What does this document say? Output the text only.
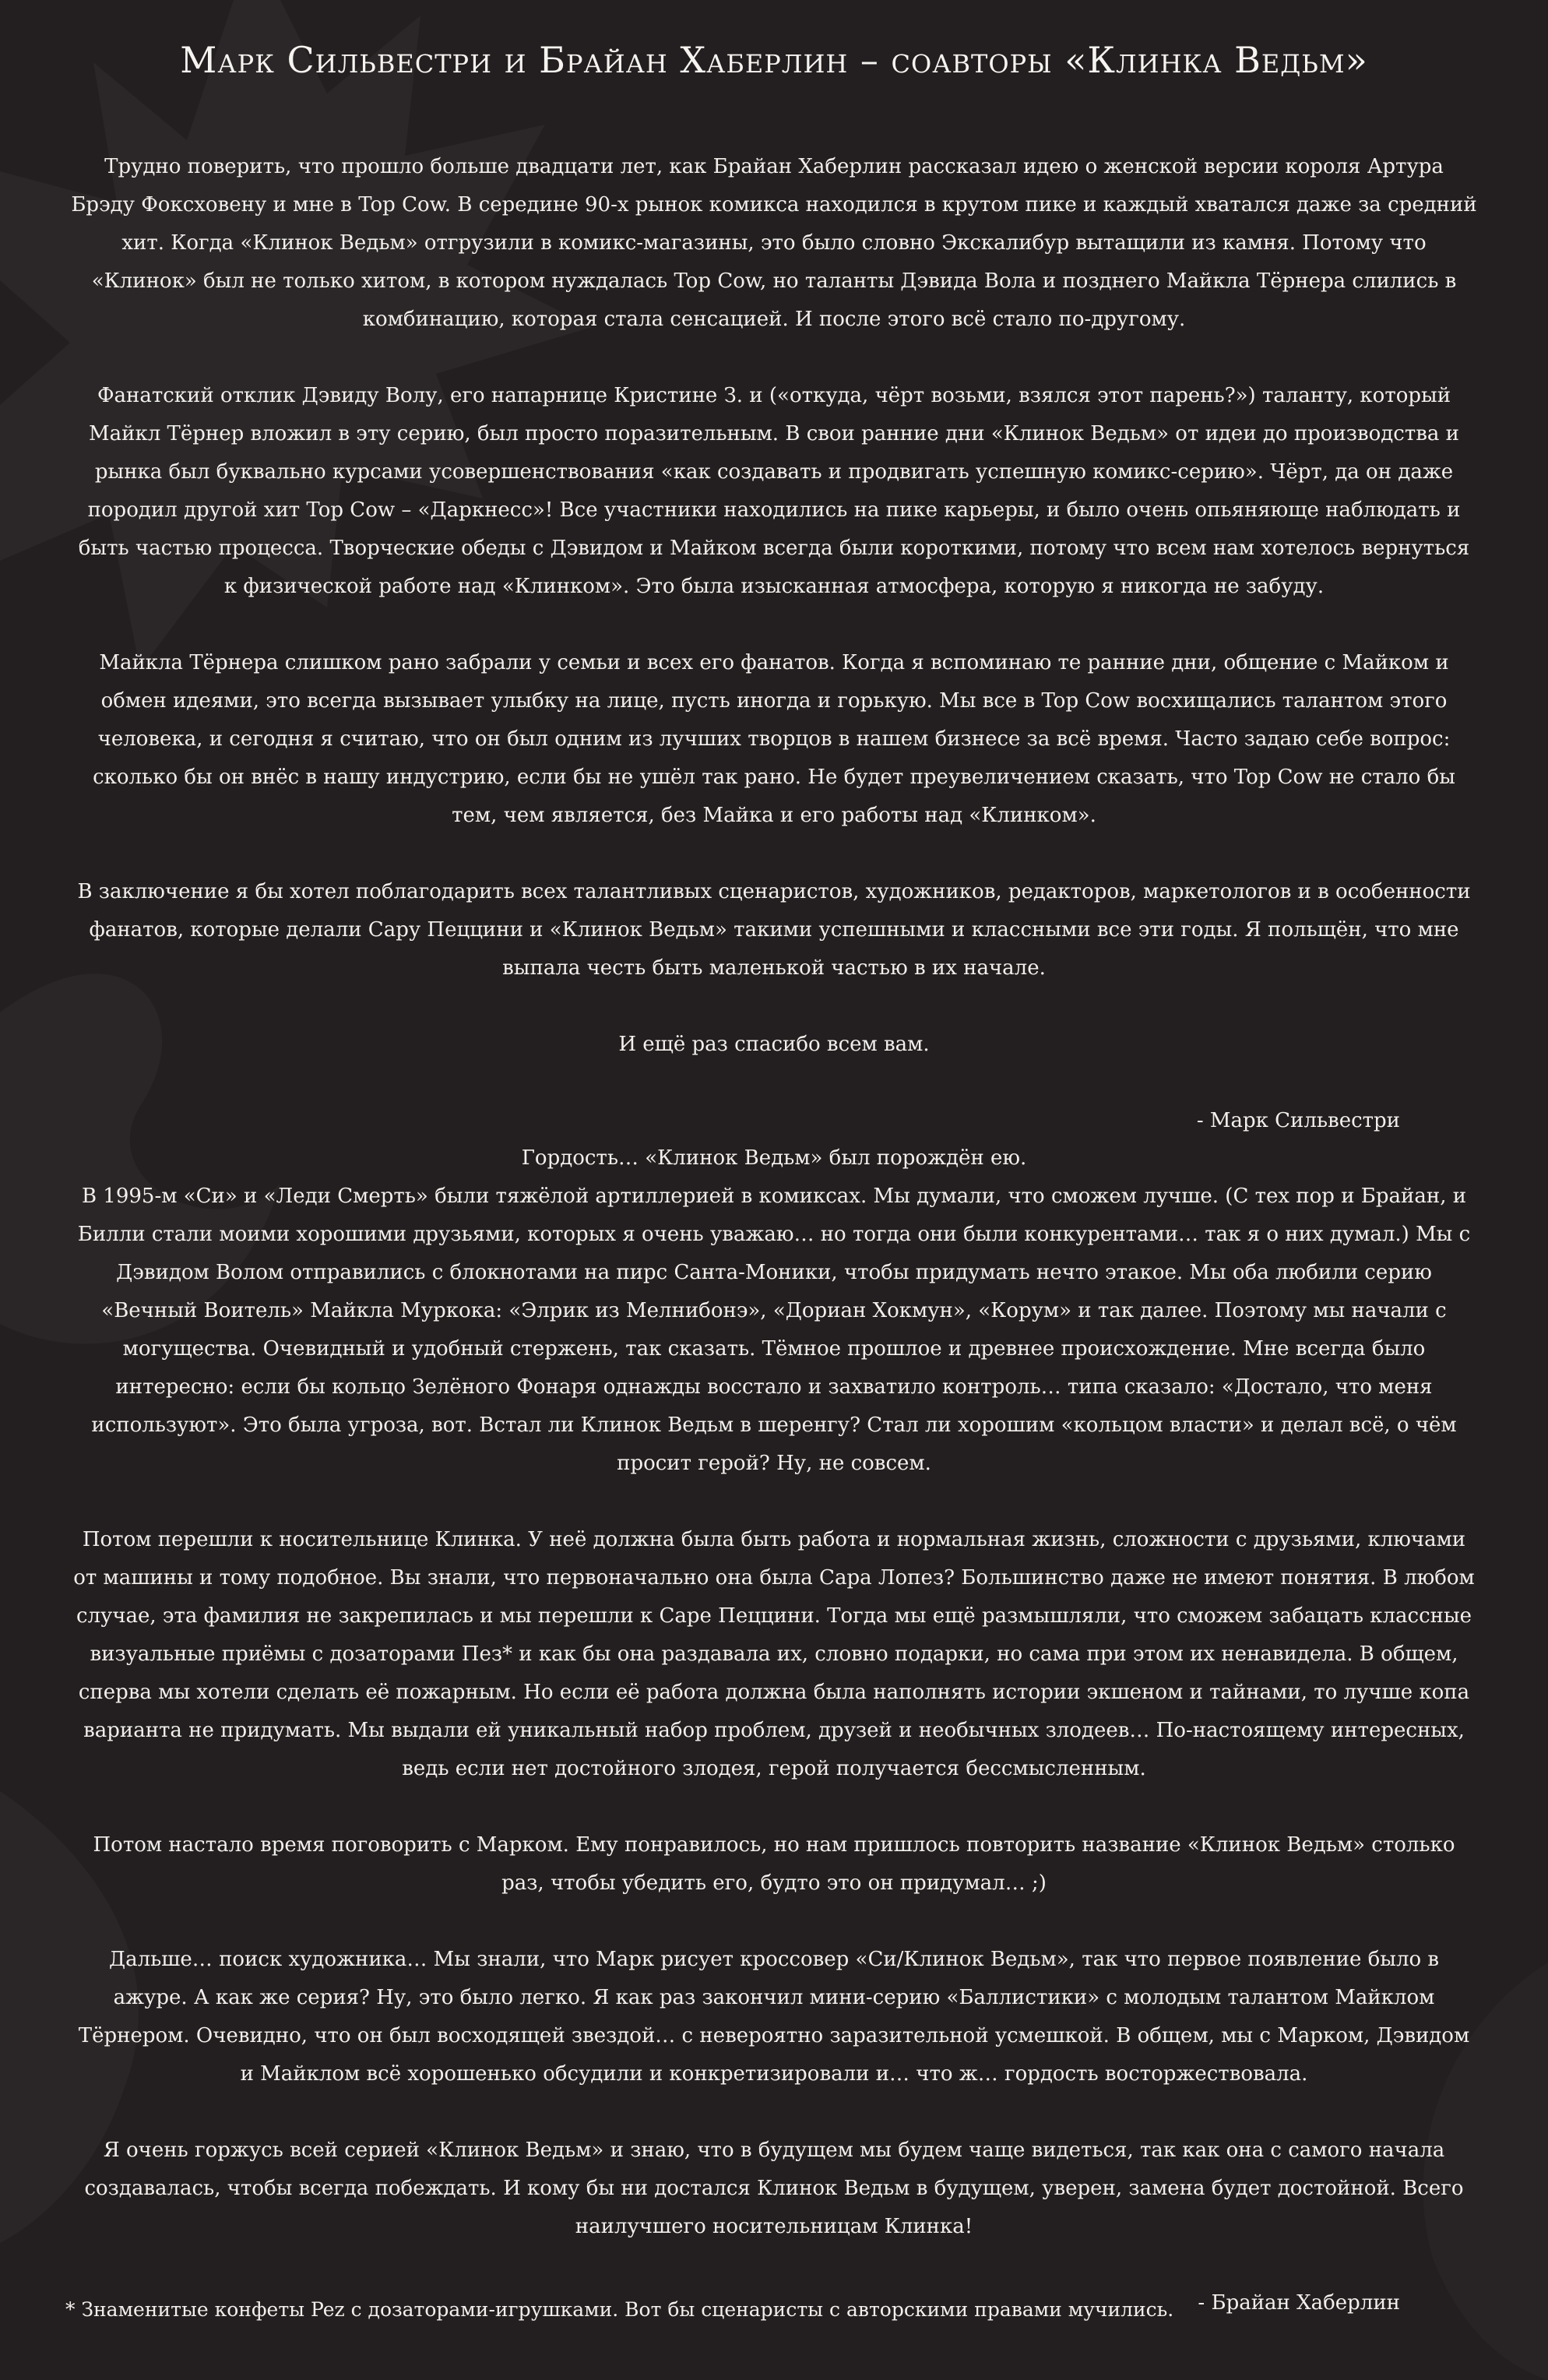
Марк Сильвестри и Брайан Хаберлин – соавторы «Клинка Ведьм»

Трудно поверить, что прошло больше двадцати лет, как Брайан Хаберлин рассказал идею о женской версии короля Артура Брэду Фоксховену и мне в Top Cow. В середине 90-х рынок комикса находился в крутом пике и каждый хватался даже за средний хит. Когда «Клинок Ведьм» отгрузили в комикс-магазины, это было словно Экскалибур вытащили из камня. Потому что «Клинок» был не только хитом, в котором нуждалась Top Cow, но таланты Дэвида Вола и позднего Майкла Тёрнера слились в комбинацию, которая стала сенсацией. И после этого всё стало по-другому.

Фанатский отклик Дэвиду Волу, его напарнице Кристине З. и («откуда, чёрт возьми, взялся этот парень?») таланту, который Майкл Тёрнер вложил в эту серию, был просто поразительным. В свои ранние дни «Клинок Ведьм» от идеи до производства и рынка был буквально курсами усовершенствования «как создавать и продвигать успешную комикс-серию». Чёрт, да он даже породил другой хит Top Cow – «Даркнесс»! Все участники находились на пике карьеры, и было очень опьяняюще наблюдать и быть частью процесса. Творческие обеды с Дэвидом и Майком всегда были короткими, потому что всем нам хотелось вернуться к физической работе над «Клинком». Это была изысканная атмосфера, которую я никогда не забуду.

Майкла Тёрнера слишком рано забрали у семьи и всех его фанатов. Когда я вспоминаю те ранние дни, общение с Майком и обмен идеями, это всегда вызывает улыбку на лице, пусть иногда и горькую. Мы все в Top Cow восхищались талантом этого человека, и сегодня я считаю, что он был одним из лучших творцов в нашем бизнесе за всё время. Часто задаю себе вопрос: сколько бы он внёс в нашу индустрию, если бы не ушёл так рано. Не будет преувеличением сказать, что Top Cow не стало бы тем, чем является, без Майка и его работы над «Клинком».

В заключение я бы хотел поблагодарить всех талантливых сценаристов, художников, редакторов, маркетологов и в особенности фанатов, которые делали Сару Пеццини и «Клинок Ведьм» такими успешными и классными все эти годы. Я польщён, что мне выпала честь быть маленькой частью в их начале.

И ещё раз спасибо всем вам.

- Марк Сильвестри

Гордость… «Клинок Ведьм» был порождён ею.

В 1995-м «Си» и «Леди Смерть» были тяжёлой артиллерией в комиксах. Мы думали, что сможем лучше. (С тех пор и Брайан, и Билли стали моими хорошими друзьями, которых я очень уважаю… но тогда они были конкурентами… так я о них думал.) Мы с Дэвидом Волом отправились с блокнотами на пирс Санта-Моники, чтобы придумать нечто этакое. Мы оба любили серию «Вечный Воитель» Майкла Муркока: «Элрик из Мелнибонэ», «Дориан Хокмун», «Корум» и так далее. Поэтому мы начали с могущества. Очевидный и удобный стержень, так сказать. Тёмное прошлое и древнее происхождение. Мне всегда было интересно: если бы кольцо Зелёного Фонаря однажды восстало и захватило контроль… типа сказало: «Достало, что меня используют». Это была угроза, вот. Встал ли Клинок Ведьм в шеренгу? Стал ли хорошим «кольцом власти» и делал всё, о чём просит герой? Ну, не совсем.

Потом перешли к носительнице Клинка. У неё должна была быть работа и нормальная жизнь, сложности с друзьями, ключами от машины и тому подобное. Вы знали, что первоначально она была Сара Лопез? Большинство даже не имеют понятия. В любом случае, эта фамилия не закрепилась и мы перешли к Саре Пеццини. Тогда мы ещё размышляли, что сможем забацать классные визуальные приёмы с дозаторами Пез* и как бы она раздавала их, словно подарки, но сама при этом их ненавидела. В общем, сперва мы хотели сделать её пожарным. Но если её работа должна была наполнять истории экшеном и тайнами, то лучше копа варианта не придумать. Мы выдали ей уникальный набор проблем, друзей и необычных злодеев… По-настоящему интересных, ведь если нет достойного злодея, герой получается бессмысленным.

Потом настало время поговорить с Марком. Ему понравилось, но нам пришлось повторить название «Клинок Ведьм» столько раз, чтобы убедить его, будто это он придумал… ;)

Дальше… поиск художника… Мы знали, что Марк рисует кроссовер «Си/Клинок Ведьм», так что первое появление было в ажуре. А как же серия? Ну, это было легко. Я как раз закончил мини-серию «Баллистики» с молодым талантом Майклом Тёрнером. Очевидно, что он был восходящей звездой… с невероятно заразительной усмешкой. В общем, мы с Марком, Дэвидом и Майклом всё хорошенько обсудили и конкретизировали и… что ж… гордость восторжествовала.

Я очень горжусь всей серией «Клинок Ведьм» и знаю, что в будущем мы будем чаще видеться, так как она с самого начала создавалась, чтобы всегда побеждать. И кому бы ни достался Клинок Ведьм в будущем, уверен, замена будет достойной. Всего наилучшего носительницам Клинка!

- Брайан Хаберлин

* Знаменитые конфеты Pez с дозаторами-игрушками. Вот бы сценаристы с авторскими правами мучились.
